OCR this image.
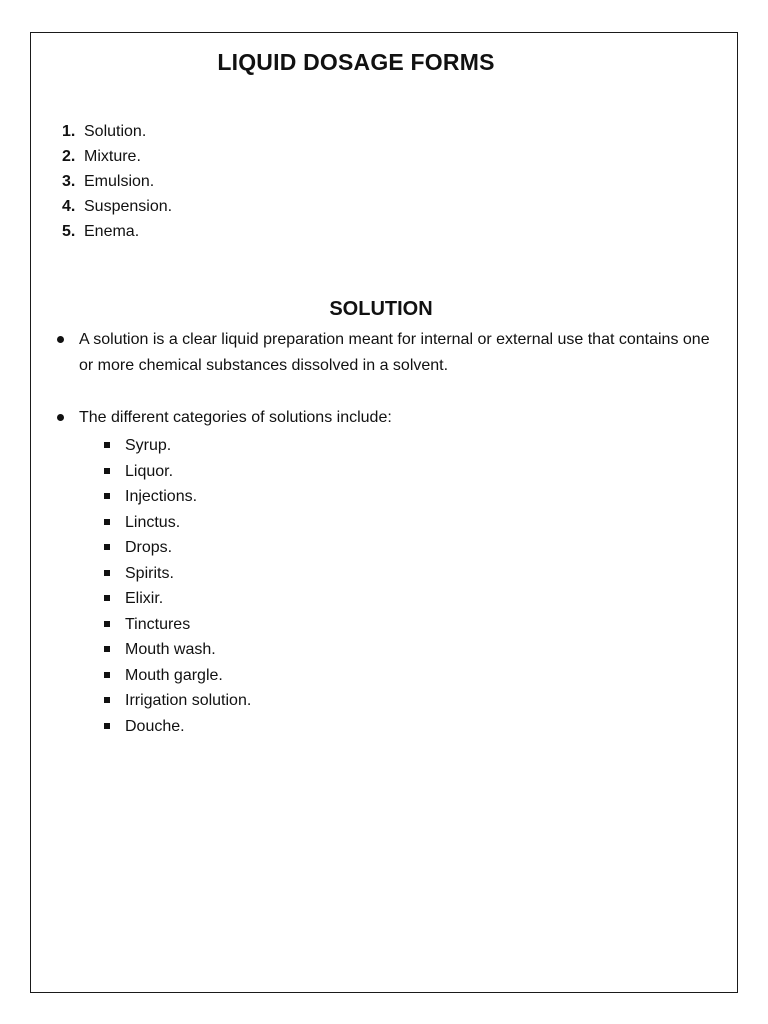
LIQUID DOSAGE FORMS
1. Solution.
2. Mixture.
3. Emulsion.
4. Suspension.
5. Enema.
SOLUTION
A solution is a clear liquid preparation meant for internal or external use that contains one or more chemical substances dissolved in a solvent.
The different categories of solutions include:
Syrup.
Liquor.
Injections.
Linctus.
Drops.
Spirits.
Elixir.
Tinctures
Mouth wash.
Mouth gargle.
Irrigation solution.
Douche.
